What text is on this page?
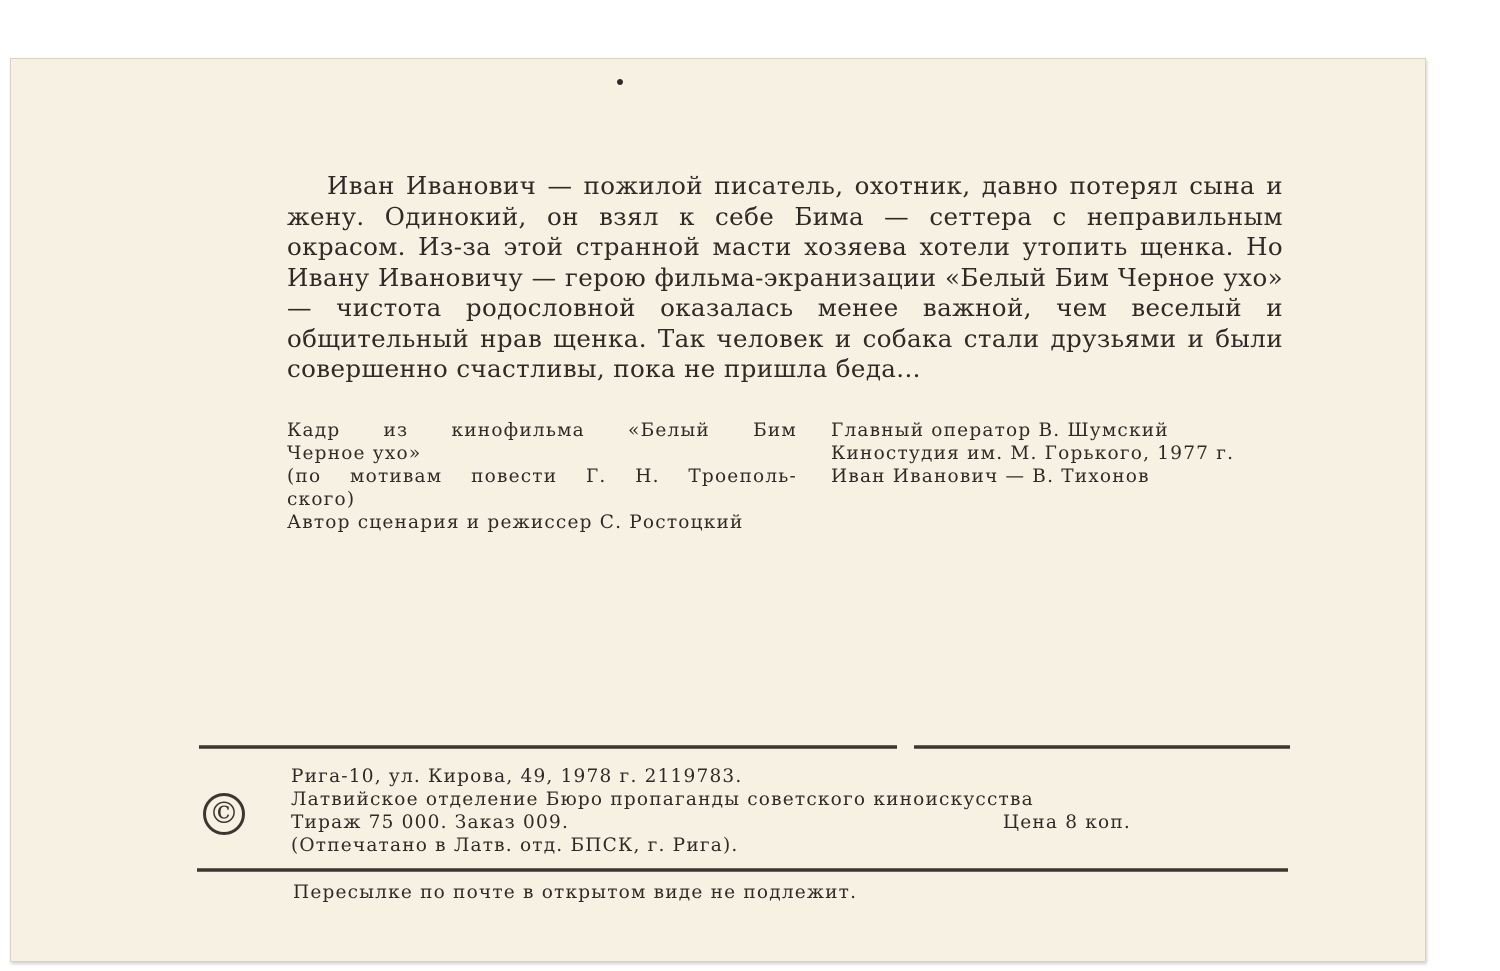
Иван Иванович — пожилой писатель, охотник, давно потерял сына и жену. Одинокий, он взял к себе Бима — сеттера с неправильным окрасом. Из-за этой странной масти хозяева хотели утопить щенка. Но Ивану Ивановичу — герою фильма-экранизации «Белый Бим Черное ухо» — чистота родословной оказалась менее важной, чем веселый и общительный нрав щенка. Так человек и собака стали друзьями и были совершенно счастливы, пока не пришла беда...

Кадр из кинофильма «Белый Бим
Черное ухо»
(по мотивам повести Г. Н. Троеполь-
ского)
Автор сценария и режиссер С. Ростоцкий
Главный оператор В. Шумский
Киностудия им. М. Горького, 1977 г.
Иван Иванович — В. Тихонов
©
Рига-10, ул. Кирова, 49, 1978 г. 2119783.
Латвийское отделение Бюро пропаганды советского киноискусства
Тираж 75 000. Заказ 009.	Цена 8 коп.
(Отпечатано в Латв. отд. БПСК, г. Рига).
Пересылке по почте в открытом виде не подлежит.
